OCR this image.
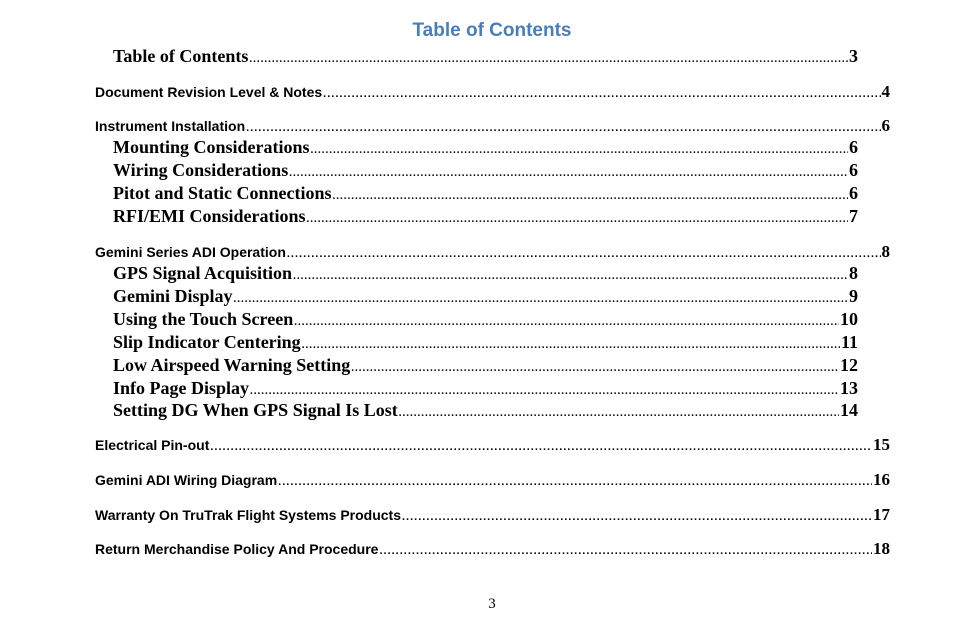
Table of Contents
Table of Contents .....	3
Document Revision Level & Notes .....	4
Instrument Installation .....	6
Mounting Considerations .....	6
Wiring Considerations .....	6
Pitot and Static Connections .....	6
RFI/EMI Considerations .....	7
Gemini Series ADI Operation .....	8
GPS Signal Acquisition .....	8
Gemini Display .....	9
Using the Touch Screen .....	10
Slip Indicator Centering .....	11
Low Airspeed Warning Setting .....	12
Info Page Display .....	13
Setting DG When GPS Signal Is Lost .....	14
Electrical Pin-out .....	15
Gemini ADI Wiring Diagram .....	16
Warranty On TruTrak Flight Systems Products .....	17
Return Merchandise Policy And Procedure .....	18
3
